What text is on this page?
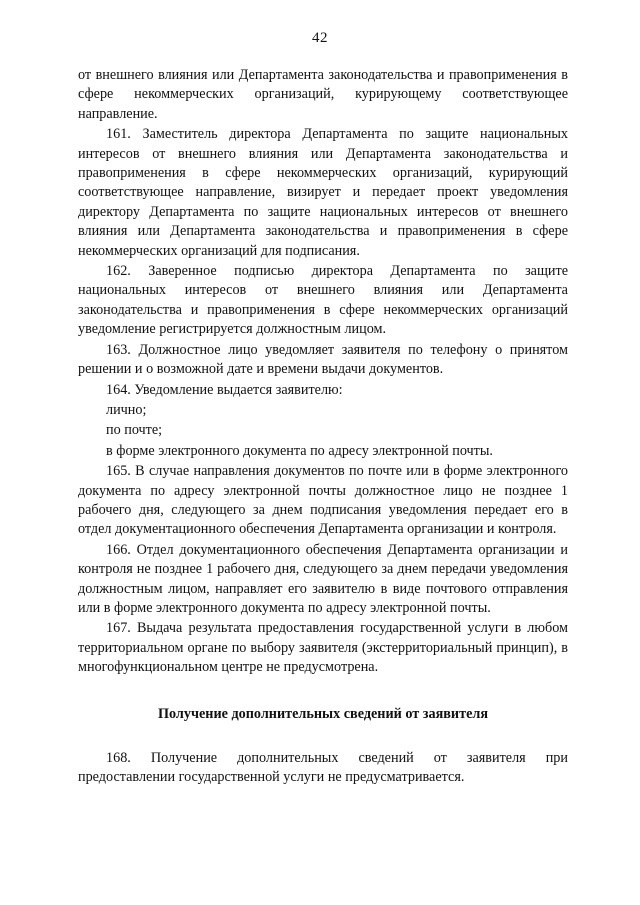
42

от внешнего влияния или Департамента законодательства и правоприменения в сфере некоммерческих организаций, курирующему соответствующее направление.

161. Заместитель директора Департамента по защите национальных интересов от внешнего влияния или Департамента законодательства и правоприменения в сфере некоммерческих организаций, курирующий соответствующее направление, визирует и передает проект уведомления директору Департамента по защите национальных интересов от внешнего влияния или Департамента законодательства и правоприменения в сфере некоммерческих организаций для подписания.

162. Заверенное подписью директора Департамента по защите национальных интересов от внешнего влияния или Департамента законодательства и правоприменения в сфере некоммерческих организаций уведомление регистрируется должностным лицом.

163. Должностное лицо уведомляет заявителя по телефону о принятом решении и о возможной дате и времени выдачи документов.

164. Уведомление выдается заявителю:

лично;

по почте;

в форме электронного документа по адресу электронной почты.

165. В случае направления документов по почте или в форме электронного документа по адресу электронной почты должностное лицо не позднее 1 рабочего дня, следующего за днем подписания уведомления передает его в отдел документационного обеспечения Департамента организации и контроля.

166. Отдел документационного обеспечения Департамента организации и контроля не позднее 1 рабочего дня, следующего за днем передачи уведомления должностным лицом, направляет его заявителю в виде почтового отправления или в форме электронного документа по адресу электронной почты.

167. Выдача результата предоставления государственной услуги в любом территориальном органе по выбору заявителя (экстерриториальный принцип), в многофункциональном центре не предусмотрена.

Получение дополнительных сведений от заявителя

168. Получение дополнительных сведений от заявителя при предоставлении государственной услуги не предусматривается.
